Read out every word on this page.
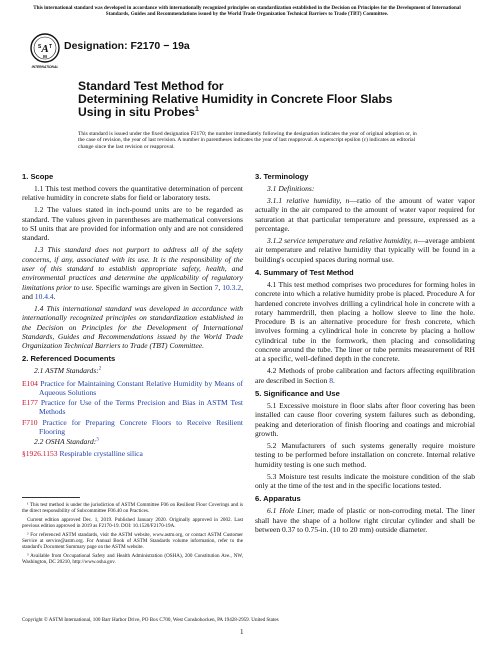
This international standard was developed in accordance with internationally recognized principles on standardization established in the Decision on Principles for the Development of International Standards, Guides and Recommendations issued by the World Trade Organization Technical Barriers to Trade (TBT) Committee.
A
S T
M
INTERNATIONAL
Designation: F2170 − 19a
Standard Test Method for
Determining Relative Humidity in Concrete Floor Slabs
Using in situ Probes$^1$
This standard is issued under the fixed designation F2170; the number immediately following the designation indicates the year of original adoption or, in the case of revision, the year of last revision. A number in parentheses indicates the year of last reapproval. A superscript epsilon (ε) indicates an editorial change since the last revision or reapproval.
1. Scope

1.1 This test method covers the quantitative determination of percent relative humidity in concrete slabs for field or laboratory tests.

1.2 The values stated in inch-pound units are to be regarded as standard. The values given in parentheses are mathematical conversions to SI units that are provided for information only and are not considered standard.

1.3 This standard does not purport to address all of the safety concerns, if any, associated with its use. It is the responsibility of the user of this standard to establish appropriate safety, health, and environmental practices and determine the applicability of regulatory limitations prior to use. Specific warnings are given in Section 7, 10.3.2, and 10.4.4.

1.4 This international standard was developed in accordance with internationally recognized principles on standardization established in the Decision on Principles for the Development of International Standards, Guides and Recommendations issued by the World Trade Organization Technical Barriers to Trade (TBT) Committee.

2. Referenced Documents

2.1 ASTM Standards:$^2$

E104 Practice for Maintaining Constant Relative Humidity by Means of Aqueous Solutions
E177 Practice for Use of the Terms Precision and Bias in ASTM Test Methods
F710 Practice for Preparing Concrete Floors to Receive Resilient Flooring

2.2 OSHA Standard:$^3$

§1926.1153 Respirable crystalline silica

¹ This test method is under the jurisdiction of ASTM Committee F06 on Resilient Floor Coverings and is the direct responsibility of Subcommittee F06.40 on Practices.

Current edition approved Dec. 1, 2019. Published January 2020. Originally approved in 2002. Last previous edition approved in 2019 as F2170-19. DOI: 10.1520/F2170-19A.

² For referenced ASTM standards, visit the ASTM website, www.astm.org, or contact ASTM Customer Service at service@astm.org. For Annual Book of ASTM Standards volume information, refer to the standard's Document Summary page on the ASTM website.

³ Available from Occupational Safety and Health Administration (OSHA), 200 Constitution Ave., NW, Washington, DC 20210, http://www.osha.gov.

3. Terminology

3.1 Definitions:

3.1.1 relative humidity, n—ratio of the amount of water vapor actually in the air compared to the amount of water vapor required for saturation at that particular temperature and pressure, expressed as a percentage.

3.1.2 service temperature and relative humidity, n—average ambient air temperature and relative humidity that typically will be found in a building's occupied spaces during normal use.

4. Summary of Test Method

4.1 This test method comprises two procedures for forming holes in concrete into which a relative humidity probe is placed. Procedure A for hardened concrete involves drilling a cylindrical hole in concrete with a rotary hammerdrill, then placing a hollow sleeve to line the hole. Procedure B is an alternative procedure for fresh concrete, which involves forming a cylindrical hole in concrete by placing a hollow cylindrical tube in the formwork, then placing and consolidating concrete around the tube. The liner or tube permits measurement of RH at a specific, well-defined depth in the concrete.

4.2 Methods of probe calibration and factors affecting equilibration are described in Section 8.

5. Significance and Use

5.1 Excessive moisture in floor slabs after floor covering has been installed can cause floor covering system failures such as debonding, peaking and deterioration of finish flooring and coatings and microbial growth.

5.2 Manufacturers of such systems generally require moisture testing to be performed before installation on concrete. Internal relative humidity testing is one such method.

5.3 Moisture test results indicate the moisture condition of the slab only at the time of the test and in the specific locations tested.

6. Apparatus

6.1 Hole Liner, made of plastic or non-corroding metal. The liner shall have the shape of a hollow right circular cylinder and shall be between 0.37 to 0.75-in. (10 to 20 mm) outside diameter.

Copyright © ASTM International, 100 Barr Harbor Drive, PO Box C700, West Conshohocken, PA 19428-2959. United States
1
